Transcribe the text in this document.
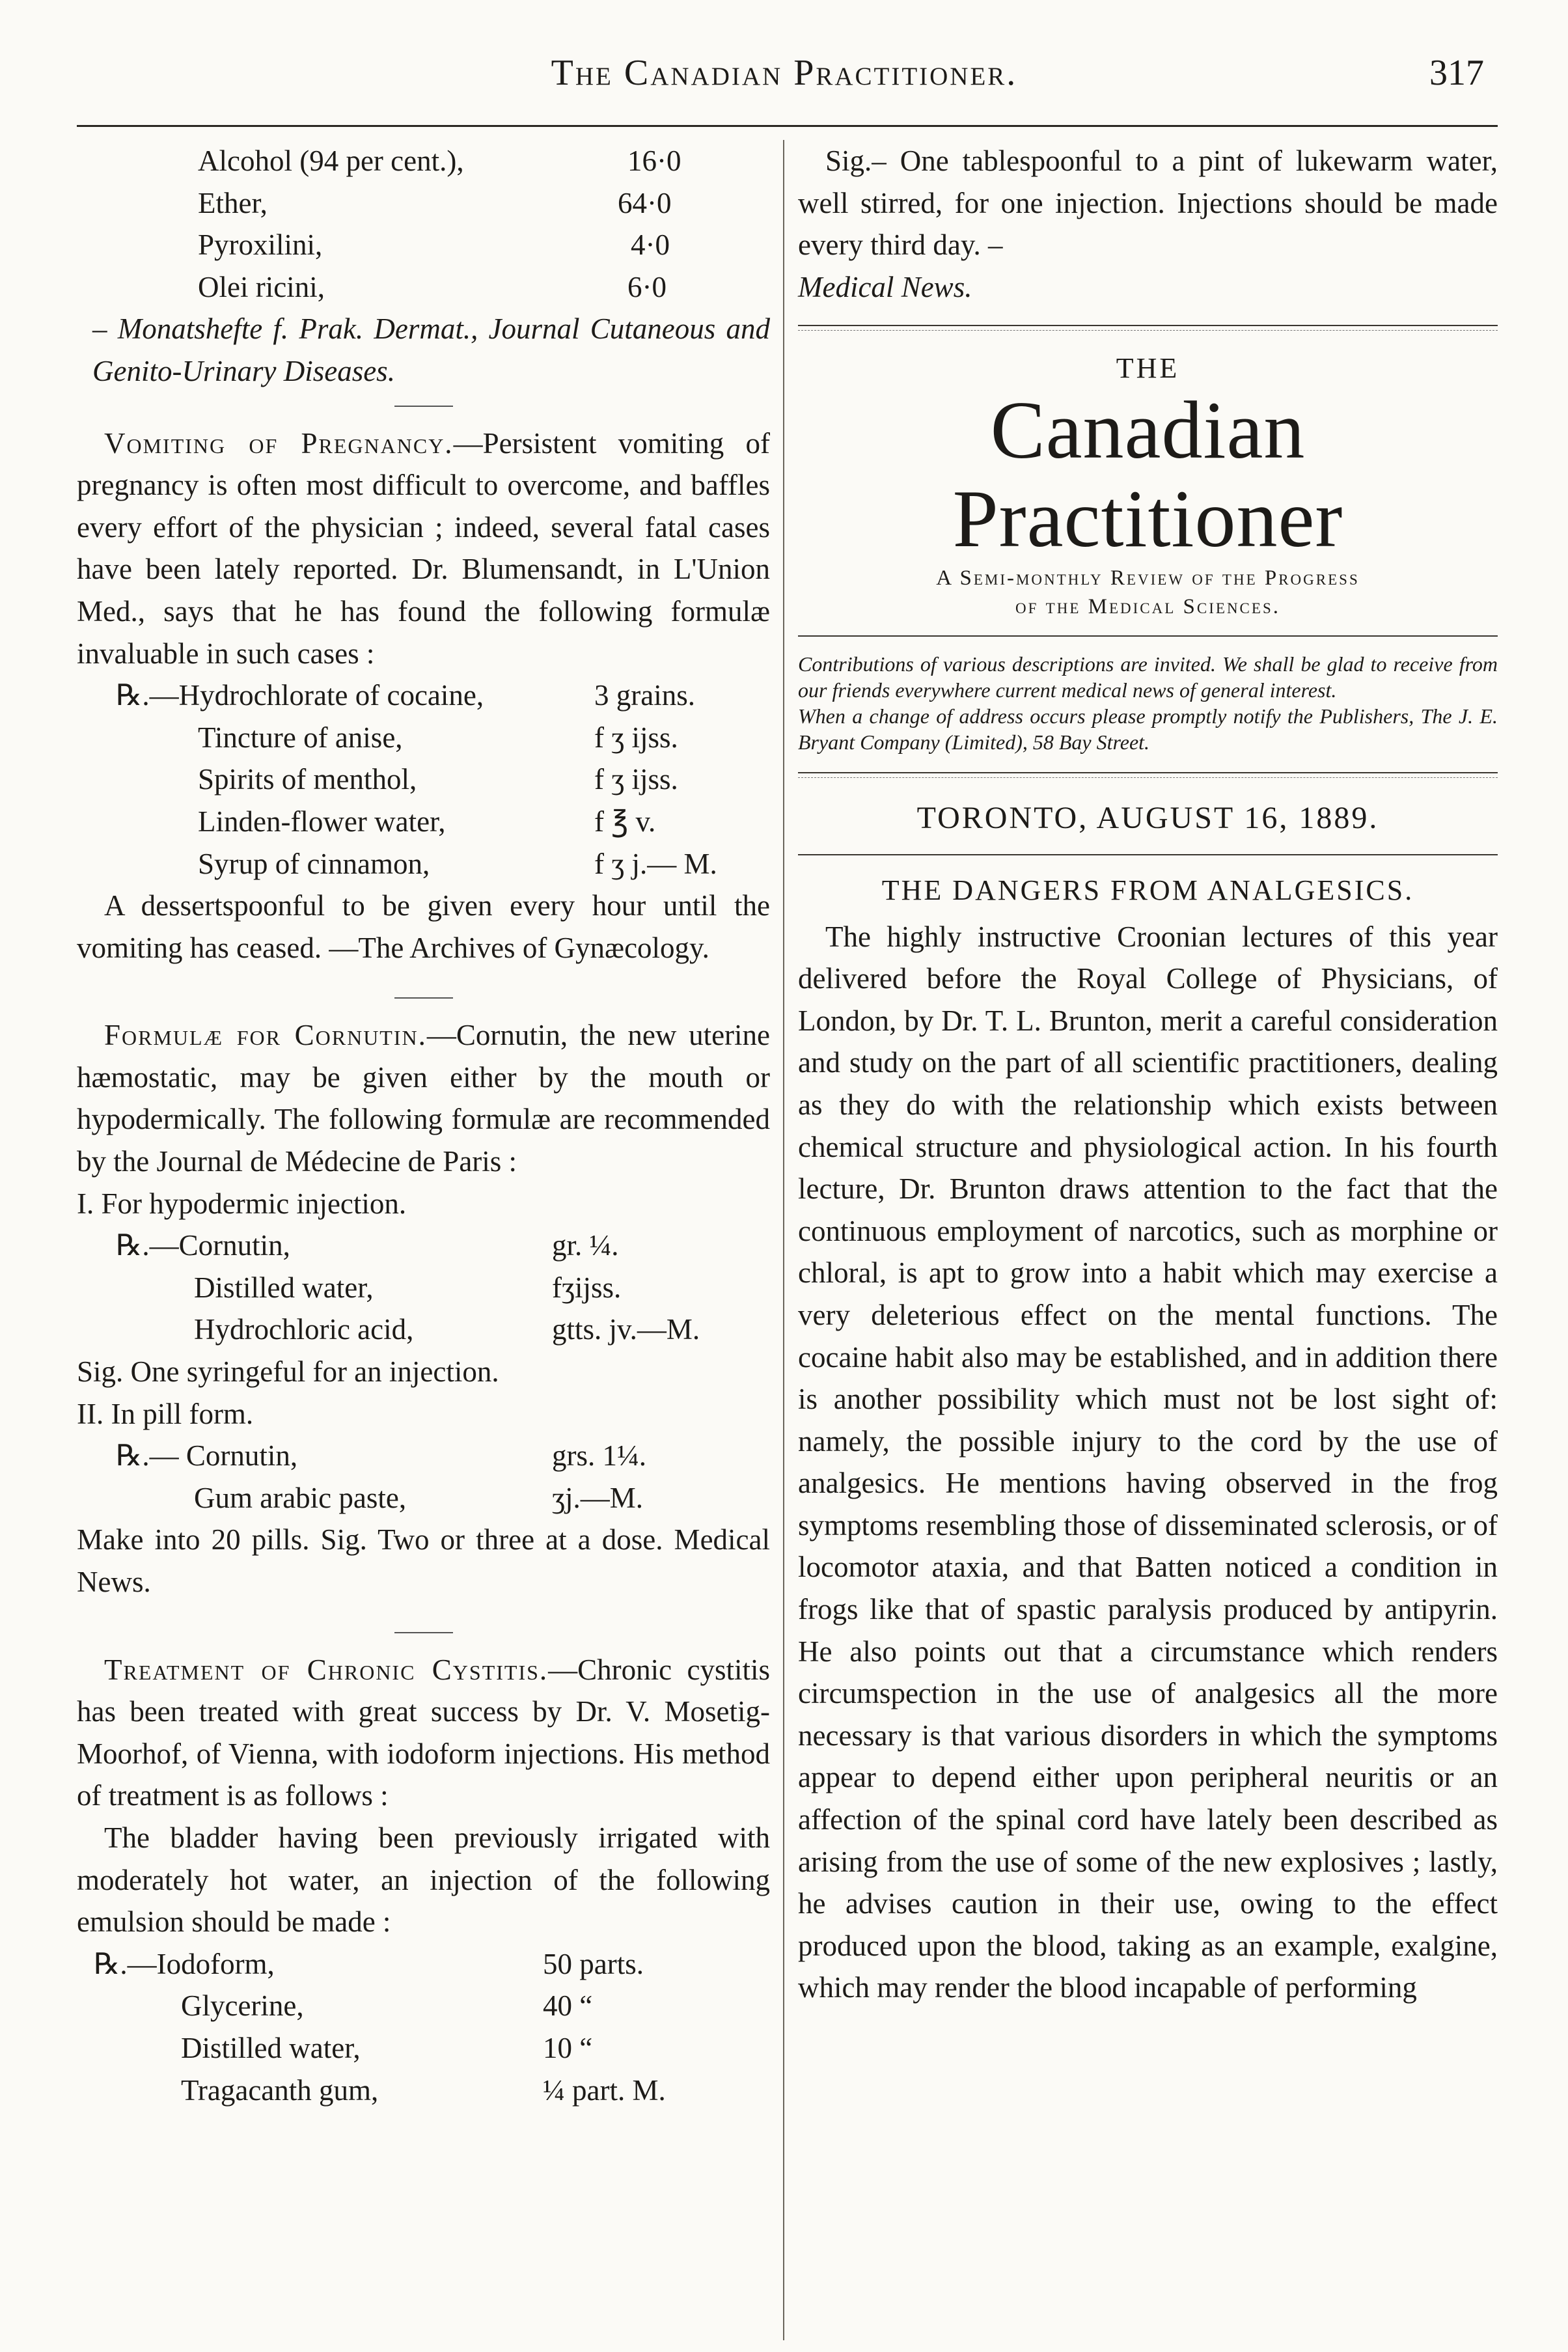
The Canadian Practitioner.	317
Alcohol (94 per cent.),	16·0
Ether,	64·0
Pyroxilini,	4·0
Olei ricini,	6·0

– Monatshefte f. Prak. Dermat., Journal Cutaneous and Genito-Urinary Diseases.

Vomiting of Pregnancy.—Persistent vomiting of pregnancy is often most difficult to overcome, and baffles every effort of the physician ; indeed, several fatal cases have been lately reported. Dr. Blumensandt, in L'Union Med., says that he has found the following formulæ invaluable in such cases :

℞.—Hydrochlorate of cocaine,	3 grains.
Tincture of anise,	f ʒ ijss.
Spirits of menthol,	f ʒ ijss.
Linden-flower water,	f ℥ v.
Syrup of cinnamon,	f ʒ j.— M.

A dessertspoonful to be given every hour until the vomiting has ceased. —The Archives of Gynæcology.

Formulæ for Cornutin.—Cornutin, the new uterine hæmostatic, may be given either by the mouth or hypodermically. The following formulæ are recommended by the Journal de Médecine de Paris :

I. For hypodermic injection.

℞.—Cornutin,	gr. ¼.
Distilled water,	fʒijss.
Hydrochloric acid,	gtts. jv.—M.

Sig. One syringeful for an injection.

II. In pill form.

℞.— Cornutin,	grs. 1¼.
Gum arabic paste,	ʒj.—M.

Make into 20 pills. Sig. Two or three at a dose. Medical News.

Treatment of Chronic Cystitis.—Chronic cystitis has been treated with great success by Dr. V. Mosetig-Moorhof, of Vienna, with iodoform injections. His method of treatment is as follows :

The bladder having been previously irrigated with moderately hot water, an injection of the following emulsion should be made :

℞.—Iodoform,	50 parts.
Glycerine,	40 “
Distilled water,	10 “
Tragacanth gum,	¼ part. M.

Sig.– One tablespoonful to a pint of lukewarm water, well stirred, for one injection. Injections should be made every third day. –

Medical News.

THE
Canadian Practitioner
A Semi-monthly Review of the Progress
of the Medical Sciences.

Contributions of various descriptions are invited. We shall be glad to receive from our friends everywhere current medical news of general interest.

When a change of address occurs please promptly notify the Publishers, The J. E. Bryant Company (Limited), 58 Bay Street.

TORONTO, AUGUST 16, 1889.
THE DANGERS FROM ANALGESICS.

The highly instructive Croonian lectures of this year delivered before the Royal College of Physicians, of London, by Dr. T. L. Brunton, merit a careful consideration and study on the part of all scientific practitioners, dealing as they do with the relationship which exists between chemical structure and physiological action. In his fourth lecture, Dr. Brunton draws attention to the fact that the continuous employment of narcotics, such as morphine or chloral, is apt to grow into a habit which may exercise a very deleterious effect on the mental functions. The cocaine habit also may be established, and in addition there is another possibility which must not be lost sight of: namely, the possible injury to the cord by the use of analgesics. He mentions having observed in the frog symptoms resembling those of disseminated sclerosis, or of locomotor ataxia, and that Batten noticed a condition in frogs like that of spastic paralysis produced by antipyrin. He also points out that a circumstance which renders circumspection in the use of analgesics all the more necessary is that various disorders in which the symptoms appear to depend either upon peripheral neuritis or an affection of the spinal cord have lately been described as arising from the use of some of the new explosives ; lastly, he advises caution in their use, owing to the effect produced upon the blood, taking as an example, exalgine, which may render the blood incapable of performing
